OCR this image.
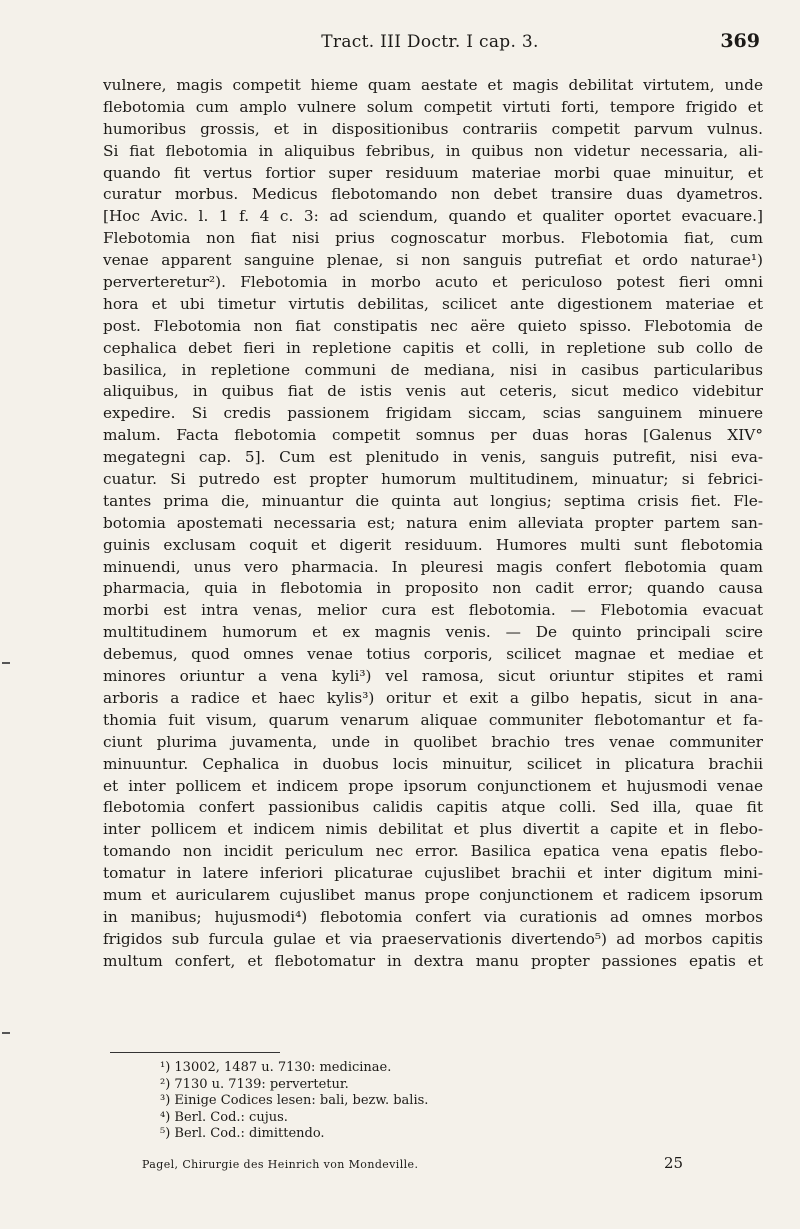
Tract. III Doctr. I cap. 3.	369
vulnere, magis competit hieme quam aestate et magis debilitat virtutem, unde
flebotomia cum amplo vulnere solum competit virtuti forti, tempore frigido et
humoribus grossis, et in dispositionibus contrariis competit parvum vulnus.
Si fiat flebotomia in aliquibus febribus, in quibus non videtur necessaria, ali-
quando fit vertus fortior super residuum materiae morbi quae minuitur, et
curatur morbus. Medicus flebotomando non debet transire duas dyametros.
[Hoc Avic. l. 1 f. 4 c. 3: ad sciendum, quando et qualiter oportet evacuare.]
Flebotomia non fiat nisi prius cognoscatur morbus. Flebotomia fiat, cum
venae apparent sanguine plenae, si non sanguis putrefiat et ordo naturae¹)
perverteretur²). Flebotomia in morbo acuto et periculoso potest fieri omni
hora et ubi timetur virtutis debilitas, scilicet ante digestionem materiae et
post. Flebotomia non fiat constipatis nec aëre quieto spisso. Flebotomia de
cephalica debet fieri in repletione capitis et colli, in repletione sub collo de
basilica, in repletione communi de mediana, nisi in casibus particularibus
aliquibus, in quibus fiat de istis venis aut ceteris, sicut medico videbitur
expedire. Si credis passionem frigidam siccam, scias sanguinem minuere
malum. Facta flebotomia competit somnus per duas horas [Galenus XIV°
megategni cap. 5]. Cum est plenitudo in venis, sanguis putrefit, nisi eva-
cuatur. Si putredo est propter humorum multitudinem, minuatur; si febrici-
tantes prima die, minuantur die quinta aut longius; septima crisis fiet. Fle-
botomia apostemati necessaria est; natura enim alleviata propter partem san-
guinis exclusam coquit et digerit residuum. Humores multi sunt flebotomia
minuendi, unus vero pharmacia. In pleuresi magis confert flebotomia quam
pharmacia, quia in flebotomia in proposito non cadit error; quando causa
morbi est intra venas, melior cura est flebotomia. — Flebotomia evacuat
multitudinem humorum et ex magnis venis. — De quinto principali scire
debemus, quod omnes venae totius corporis, scilicet magnae et mediae et
minores oriuntur a vena kyli³) vel ramosa, sicut oriuntur stipites et rami
arboris a radice et haec kylis³) oritur et exit a gilbo hepatis, sicut in ana-
thomia fuit visum, quarum venarum aliquae communiter flebotomantur et fa-
ciunt plurima juvamenta, unde in quolibet brachio tres venae communiter
minuuntur. Cephalica in duobus locis minuitur, scilicet in plicatura brachii
et inter pollicem et indicem prope ipsorum conjunctionem et hujusmodi venae
flebotomia confert passionibus calidis capitis atque colli. Sed illa, quae fit
inter pollicem et indicem nimis debilitat et plus divertit a capite et in flebo-
tomando non incidit periculum nec error. Basilica epatica vena epatis flebo-
tomatur in latere inferiori plicaturae cujuslibet brachii et inter digitum mini-
mum et auricularem cujuslibet manus prope conjunctionem et radicem ipsorum
in manibus; hujusmodi⁴) flebotomia confert via curationis ad omnes morbos
frigidos sub furcula gulae et via praeservationis divertendo⁵) ad morbos capitis
multum confert, et flebotomatur in dextra manu propter passiones epatis et
¹) 13002, 1487 u. 7130: medicinae.
²) 7130 u. 7139: pervertetur.
³) Einige Codices lesen: bali, bezw. balis.
⁴) Berl. Cod.: cujus.
⁵) Berl. Cod.: dimittendo.
Pagel, Chirurgie des Heinrich von Mondeville.	25
